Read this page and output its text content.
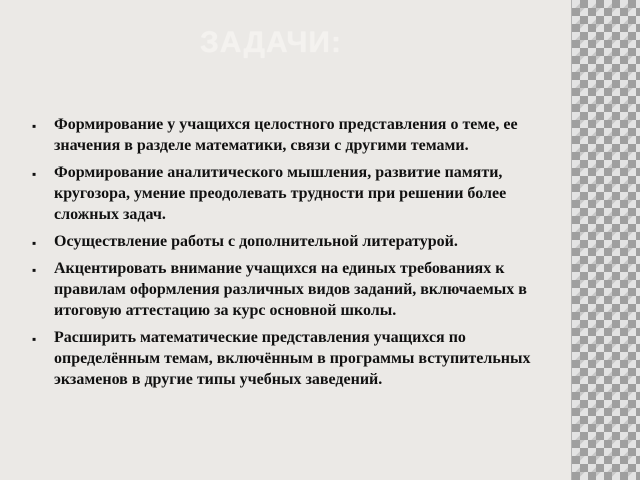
ЗАДАЧИ:
▪ Формирование у учащихся целостного представления о теме, ее значения в разделе математики, связи с другими темами.
▪ Формирование аналитического мышления, развитие памяти, кругозора, умение преодолевать трудности при решении более сложных задач.
▪ Осуществление работы с дополнительной литературой.
▪ Акцентировать внимание учащихся на единых требованиях к правилам оформления различных видов заданий, включаемых в итоговую аттестацию за курс основной школы.
▪ Расширить математические представления учащихся по определённым темам, включённым в программы вступительных экзаменов в другие типы учебных заведений.
